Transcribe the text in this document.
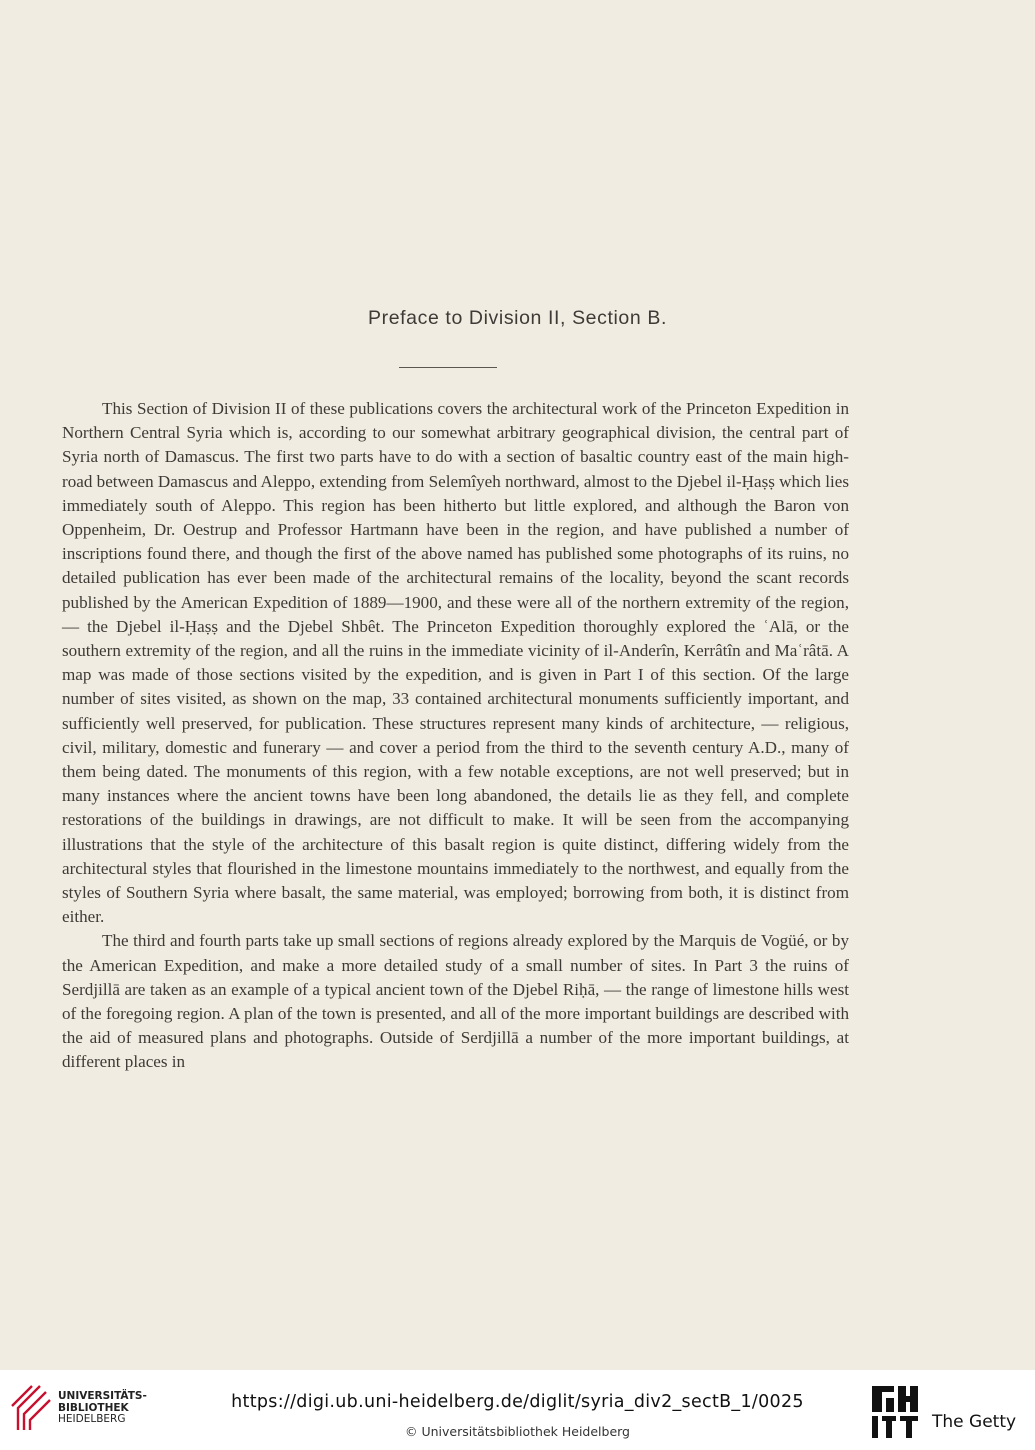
Preface to Division II, Section B.

This Section of Division II of these publications covers the architectural work of the Princeton Expedition in Northern Central Syria which is, according to our somewhat arbitrary geographical division, the central part of Syria north of Damascus. The first two parts have to do with a section of basaltic country east of the main high-road between Damascus and Aleppo, extending from Selemîyeh northward, almost to the Djebel il-Ḥaṣṣ which lies immediately south of Aleppo. This region has been hitherto but little explored, and although the Baron von Oppenheim, Dr. Oestrup and Professor Hartmann have been in the region, and have published a number of inscriptions found there, and though the first of the above named has published some photographs of its ruins, no detailed publication has ever been made of the architectural remains of the locality, beyond the scant records published by the American Expedition of 1889—1900, and these were all of the northern extremity of the region, — the Djebel il-Ḥaṣṣ and the Djebel Shbêt. The Princeton Expedition thoroughly explored the ʿAlā, or the southern extremity of the region, and all the ruins in the immediate vicinity of il-Anderîn, Kerrâtîn and Maʿrâtā. A map was made of those sections visited by the expedition, and is given in Part I of this section. Of the large number of sites visited, as shown on the map, 33 contained architectural monuments sufficiently important, and sufficiently well preserved, for publication. These structures represent many kinds of architecture, — religious, civil, military, domestic and funerary — and cover a period from the third to the seventh century A.D., many of them being dated. The monuments of this region, with a few notable exceptions, are not well preserved; but in many instances where the ancient towns have been long abandoned, the details lie as they fell, and complete restorations of the buildings in drawings, are not difficult to make. It will be seen from the accompanying illustrations that the style of the architecture of this basalt region is quite distinct, differing widely from the architectural styles that flourished in the limestone mountains immediately to the northwest, and equally from the styles of Southern Syria where basalt, the same material, was employed; borrowing from both, it is distinct from either.

The third and fourth parts take up small sections of regions already explored by the Marquis de Vogüé, or by the American Expedition, and make a more detailed study of a small number of sites. In Part 3 the ruins of Serdjillā are taken as an example of a typical ancient town of the Djebel Riḥā, — the range of limestone hills west of the foregoing region. A plan of the town is presented, and all of the more important buildings are described with the aid of measured plans and photographs. Outside of Serdjillā a number of the more important buildings, at different places in

UNIVERSITÄTS-
BIBLIOTHEK
HEIDELBERG
https://digi.ub.uni-heidelberg.de/diglit/syria_div2_sectB_1/0025
© Universitätsbibliothek Heidelberg	The Getty
